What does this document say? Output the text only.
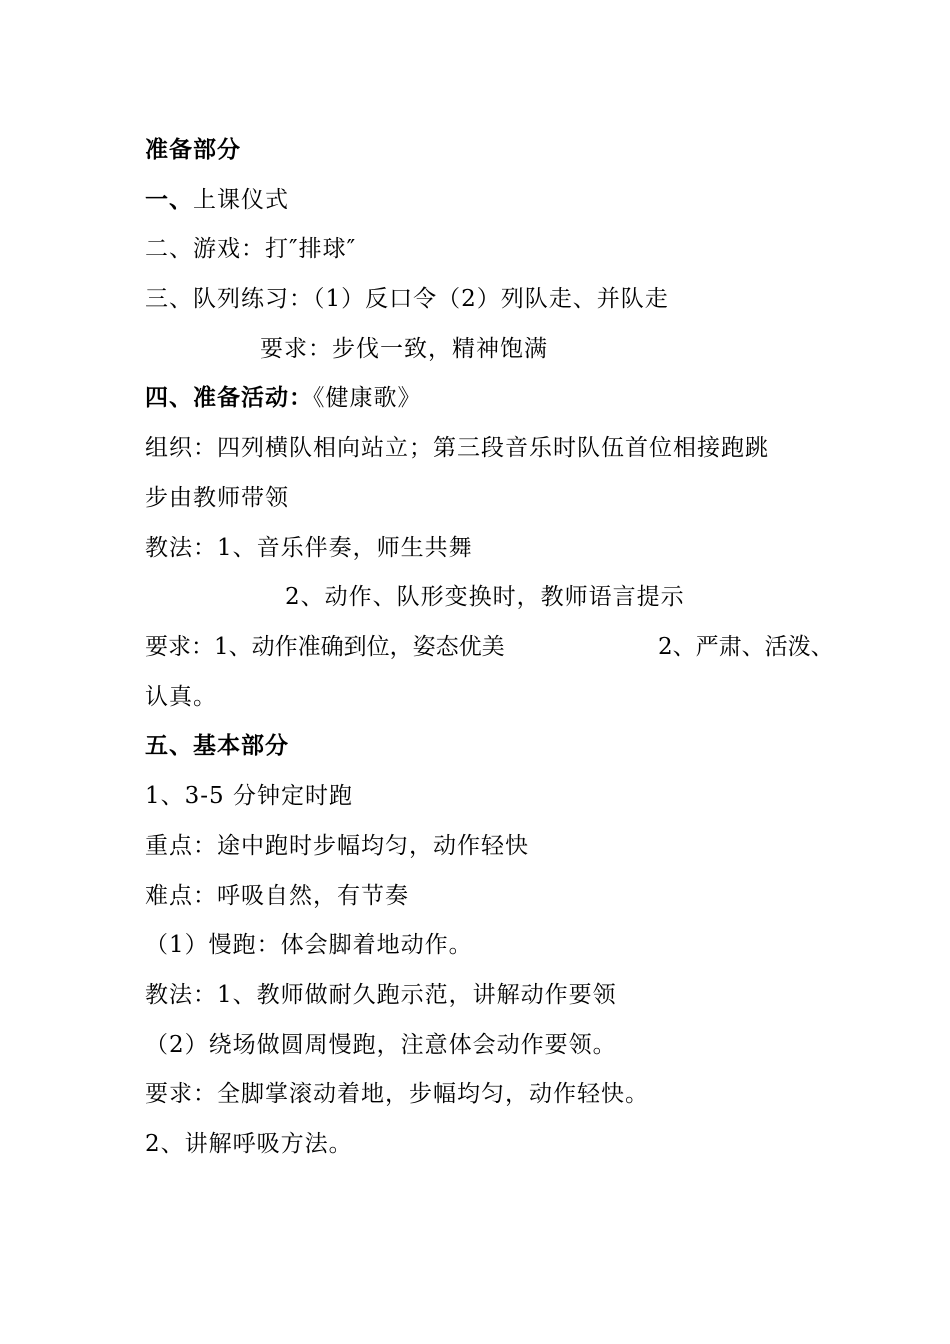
准备部分
一、上课仪式
二、游戏：打″排球″
三、队列练习：（1）反口令（2）列队走、并队走
要求：步伐一致，精神饱满
四、准备活动：《健康歌》
组织：四列横队相向站立；第三段音乐时队伍首位相接跑跳
步由教师带领
教法：1、音乐伴奏，师生共舞
2、动作、队形变换时，教师语言提示
要求：1、动作准确到位，姿态优美	2、严肃、活泼、
认真。
五、基本部分
1、3-5 分钟定时跑
重点：途中跑时步幅均匀，动作轻快
难点：呼吸自然，有节奏
（1）慢跑：体会脚着地动作。
教法：1、教师做耐久跑示范，讲解动作要领
（2）绕场做圆周慢跑，注意体会动作要领。
要求：全脚掌滚动着地，步幅均匀，动作轻快。
2、讲解呼吸方法。
